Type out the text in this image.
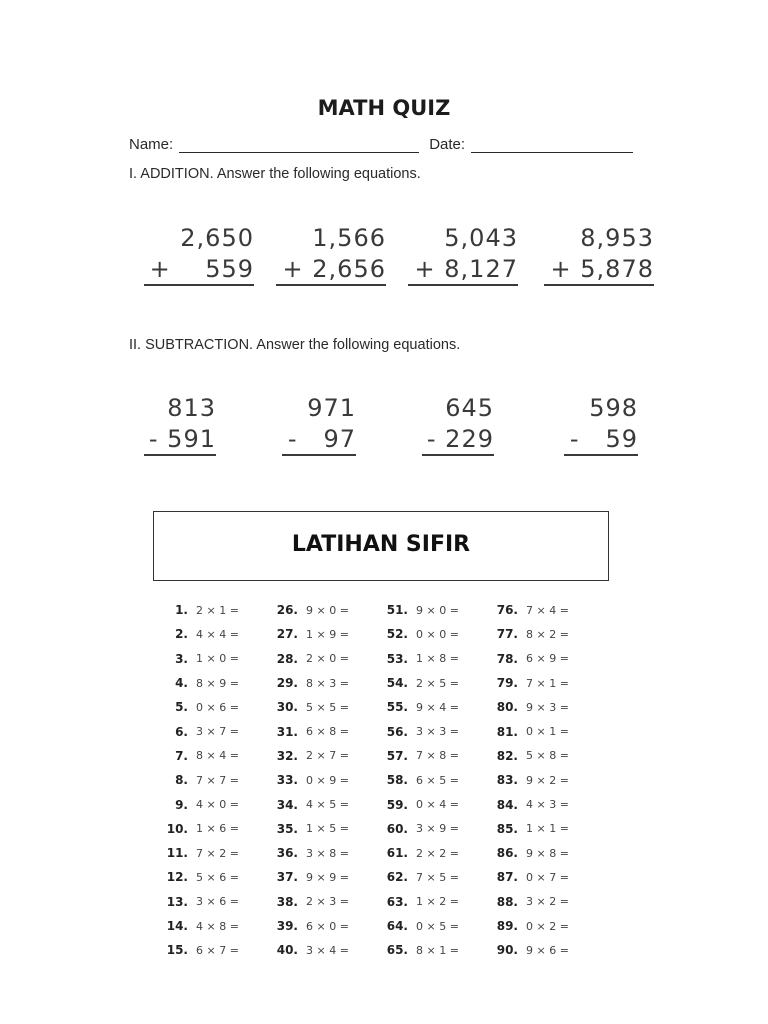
MATH QUIZ
Name:	Date:
I. ADDITION. Answer the following equations.
2,650
+    559
1,566
+ 2,656
5,043
+ 8,127
8,953
+ 5,878
II. SUBTRACTION. Answer the following equations.
813
- 591
971
-   97
645
- 229
598
-   59
LATIHAN SIFIR
1. 2 × 1 =
2. 4 × 4 =
3. 1 × 0 =
4. 8 × 9 =
5. 0 × 6 =
6. 3 × 7 =
7. 8 × 4 =
8. 7 × 7 =
9. 4 × 0 =
10. 1 × 6 =
11. 7 × 2 =
12. 5 × 6 =
13. 3 × 6 =
14. 4 × 8 =
15. 6 × 7 =
26. 9 × 0 =
27. 1 × 9 =
28. 2 × 0 =
29. 8 × 3 =
30. 5 × 5 =
31. 6 × 8 =
32. 2 × 7 =
33. 0 × 9 =
34. 4 × 5 =
35. 1 × 5 =
36. 3 × 8 =
37. 9 × 9 =
38. 2 × 3 =
39. 6 × 0 =
40. 3 × 4 =
51. 9 × 0 =
52. 0 × 0 =
53. 1 × 8 =
54. 2 × 5 =
55. 9 × 4 =
56. 3 × 3 =
57. 7 × 8 =
58. 6 × 5 =
59. 0 × 4 =
60. 3 × 9 =
61. 2 × 2 =
62. 7 × 5 =
63. 1 × 2 =
64. 0 × 5 =
65. 8 × 1 =
76. 7 × 4 =
77. 8 × 2 =
78. 6 × 9 =
79. 7 × 1 =
80. 9 × 3 =
81. 0 × 1 =
82. 5 × 8 =
83. 9 × 2 =
84. 4 × 3 =
85. 1 × 1 =
86. 9 × 8 =
87. 0 × 7 =
88. 3 × 2 =
89. 0 × 2 =
90. 9 × 6 =
